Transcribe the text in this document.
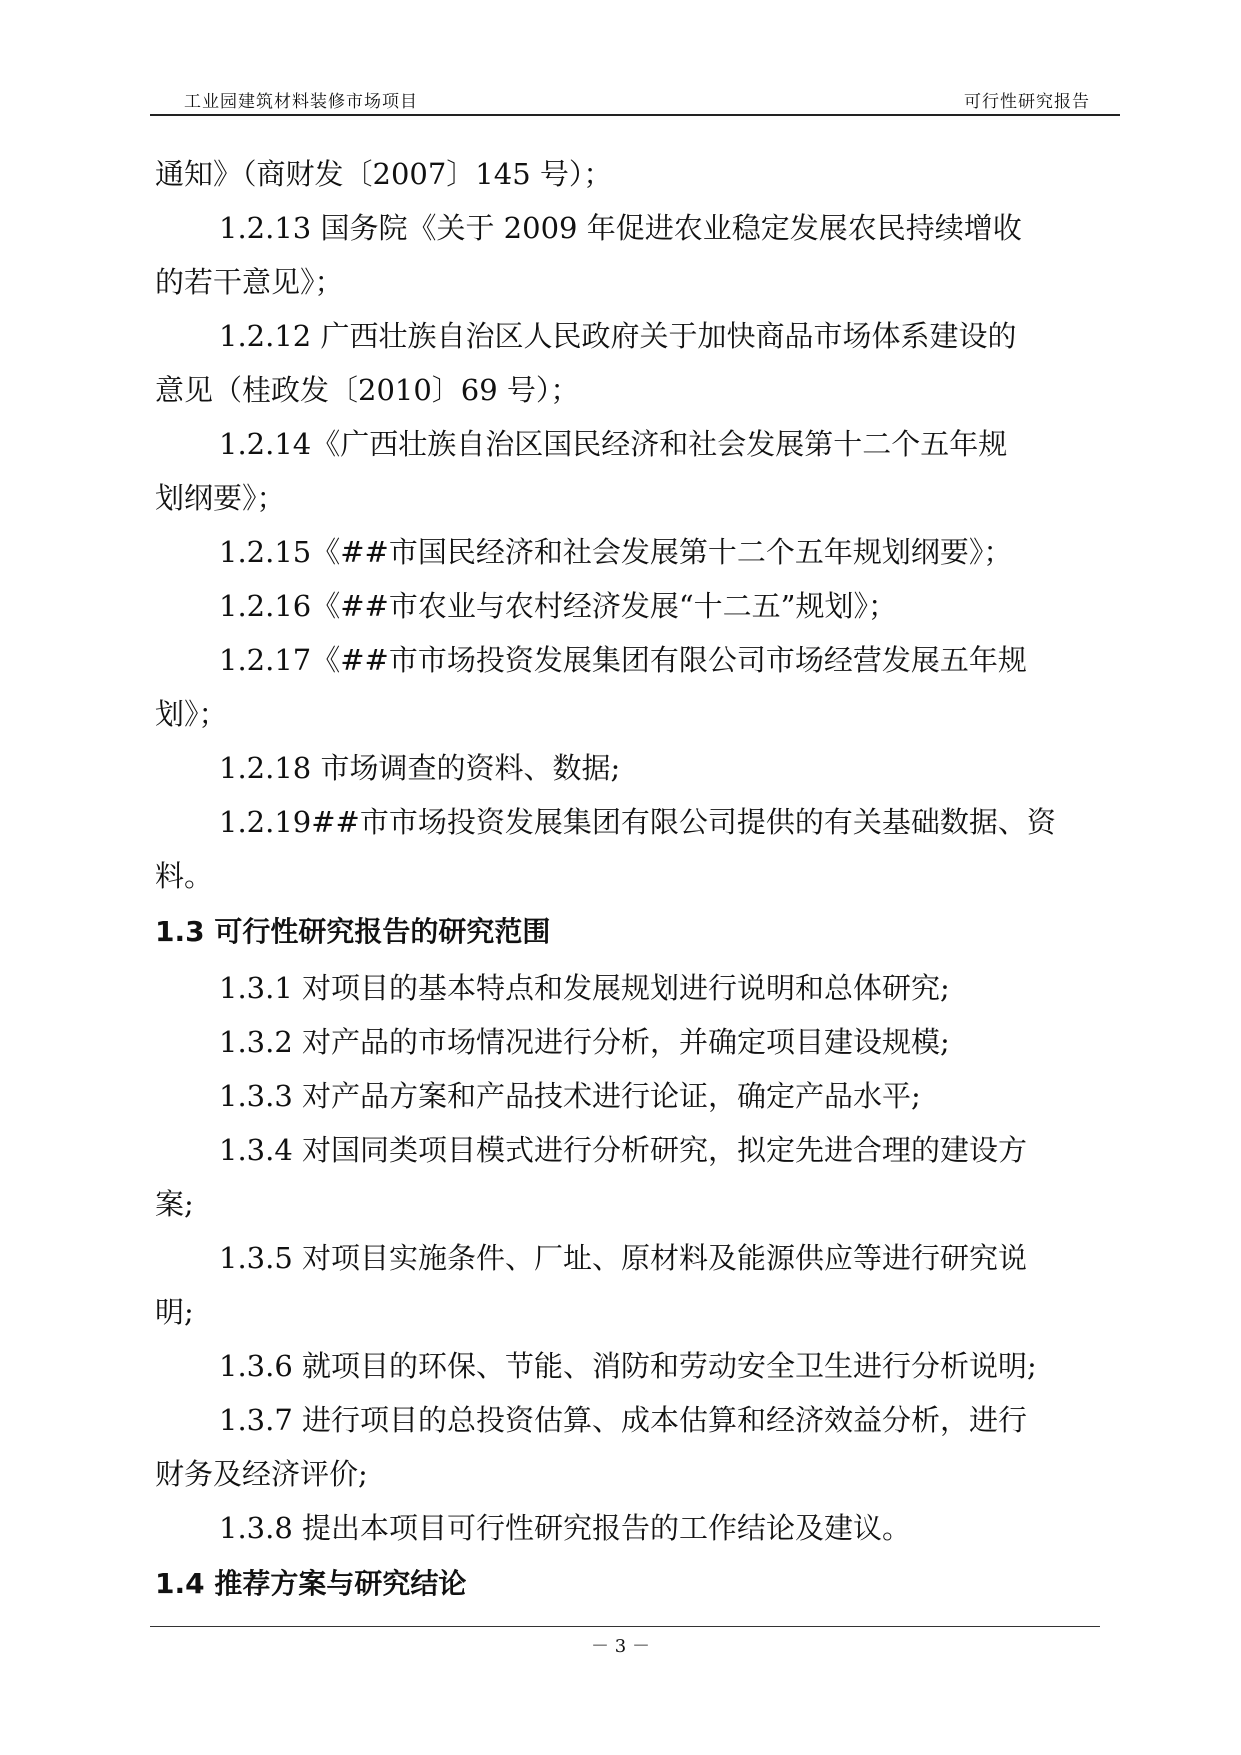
工业园建筑材料装修市场项目	可行性研究报告
通知》（商财发〔2007〕145 号）；
1.2.13 国务院《关于 2009 年促进农业稳定发展农民持续增收
的若干意见》；
1.2.12 广西壮族自治区人民政府关于加快商品市场体系建设的
意见（桂政发〔2010〕69 号）；
1.2.14《广西壮族自治区国民经济和社会发展第十二个五年规
划纲要》；
1.2.15《##市国民经济和社会发展第十二个五年规划纲要》；
1.2.16《##市农业与农村经济发展“十二五”规划》；
1.2.17《##市市场投资发展集团有限公司市场经营发展五年规
划》；
1.2.18 市场调查的资料、数据;
1.2.19##市市场投资发展集团有限公司提供的有关基础数据、资
料。
1.3 可行性研究报告的研究范围
1.3.1 对项目的基本特点和发展规划进行说明和总体研究;
1.3.2 对产品的市场情况进行分析，并确定项目建设规模;
1.3.3 对产品方案和产品技术进行论证，确定产品水平;
1.3.4 对国同类项目模式进行分析研究，拟定先进合理的建设方
案;
1.3.5 对项目实施条件、厂址、原材料及能源供应等进行研究说
明;
1.3.6 就项目的环保、节能、消防和劳动安全卫生进行分析说明;
1.3.7 进行项目的总投资估算、成本估算和经济效益分析，进行
财务及经济评价;
1.3.8 提出本项目可行性研究报告的工作结论及建议。
1.4 推荐方案与研究结论
－ 3 －
